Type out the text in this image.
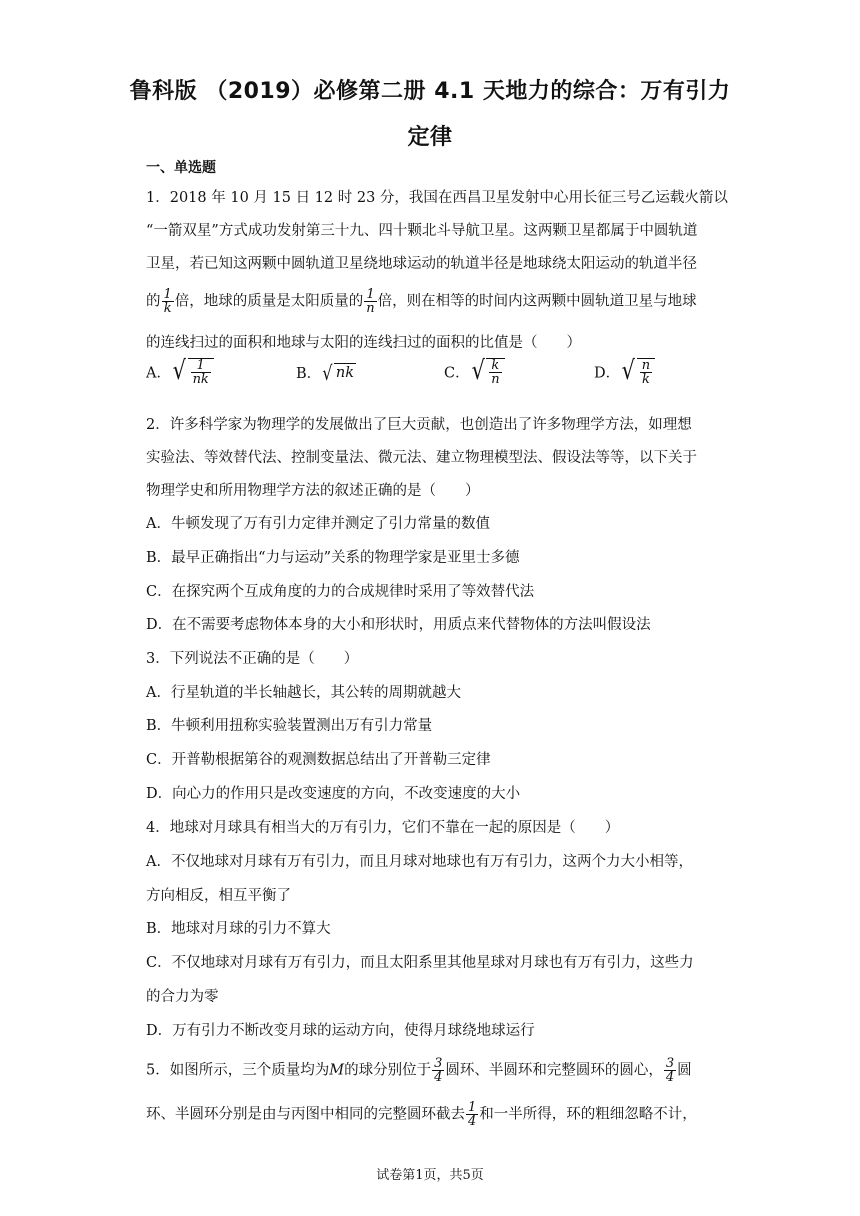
鲁科版 （2019）必修第二册 4.1 天地力的综合：万有引力
定律
一、单选题
1．2018 年 10 月 15 日 12 时 23 分，我国在西昌卫星发射中心用长征三号乙运载火箭以
“一箭双星”方式成功发射第三十九、四十颗北斗导航卫星。这两颗卫星都属于中圆轨道
卫星，若已知这两颗中圆轨道卫星绕地球运动的轨道半径是地球绕太阳运动的轨道半径
的 $\frac{1}{k}$ 倍，地球的质量是太阳质量的 $\frac{1}{n}$ 倍，则在相等的时间内这两颗中圆轨道卫星与地球
的连线扫过的面积和地球与太阳的连线扫过的面积的比值是（　　）
A． √ $\frac{1}{nk}$	B． √ nk	C． √ $\frac{k}{n}$	D． √ $\frac{n}{k}$
2．许多科学家为物理学的发展做出了巨大贡献，也创造出了许多物理学方法，如理想
实验法、等效替代法、控制变量法、微元法、建立物理模型法、假设法等等，以下关于
物理学史和所用物理学方法的叙述正确的是（　　）
A．牛顿发现了万有引力定律并测定了引力常量的数值
B．最早正确指出“力与运动”关系的物理学家是亚里士多德
C．在探究两个互成角度的力的合成规律时采用了等效替代法
D．在不需要考虑物体本身的大小和形状时，用质点来代替物体的方法叫假设法
3．下列说法不正确的是（　　）
A．行星轨道的半长轴越长，其公转的周期就越大
B．牛顿利用扭称实验装置测出万有引力常量
C．开普勒根据第谷的观测数据总结出了开普勒三定律
D．向心力的作用只是改变速度的方向，不改变速度的大小
4．地球对月球具有相当大的万有引力，它们不靠在一起的原因是（　　）
A．不仅地球对月球有万有引力，而且月球对地球也有万有引力，这两个力大小相等，
方向相反，相互平衡了
B．地球对月球的引力不算大
C．不仅地球对月球有万有引力，而且太阳系里其他星球对月球也有万有引力，这些力
的合力为零
D．万有引力不断改变月球的运动方向，使得月球绕地球运行
5．如图所示，三个质量均为M的球分别位于 $\frac{3}{4}$ 圆环、半圆环和完整圆环的圆心， $\frac{3}{4}$ 圆
环、半圆环分别是由与丙图中相同的完整圆环截去 $\frac{1}{4}$ 和一半所得，环的粗细忽略不计，
试卷第1页，共5页
